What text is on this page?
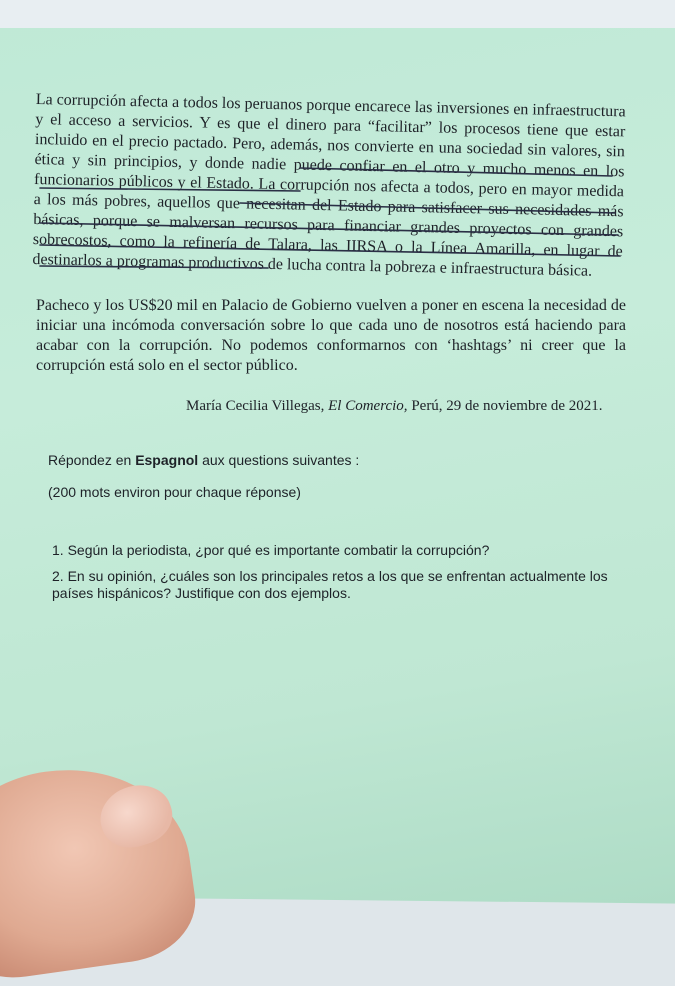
La corrupción afecta a todos los peruanos porque encarece las inversiones en infraestructura y el acceso a servicios. Y es que el dinero para “facilitar” los procesos tiene que estar incluido en el precio pactado. Pero, además, nos convierte en una sociedad sin valores, sin ética y sin principios, y donde nadie puede confiar en el otro y mucho menos en los funcionarios públicos y el Estado. La corrupción nos afecta a todos, pero en mayor medida a los más pobres, aquellos que necesitan del Estado para satisfacer sus necesidades más básicas, porque se malversan recursos para financiar grandes proyectos con grandes sobrecostos, como la refinería de Talara, las IIRSA o la Línea Amarilla, en lugar de destinarlos a programas productivos de lucha contra la pobreza e infraestructura básica.

Pacheco y los US$20 mil en Palacio de Gobierno vuelven a poner en escena la necesidad de iniciar una incómoda conversación sobre lo que cada uno de nosotros está haciendo para acabar con la corrupción. No podemos conformarnos con ‘hashtags’ ni creer que la corrupción está solo en el sector público.

María Cecilia Villegas, El Comercio, Perú, 29 de noviembre de 2021.

Répondez en Espagnol aux questions suivantes :

(200 mots environ pour chaque réponse)

1. Según la periodista, ¿por qué es importante combatir la corrupción?

2. En su opinión, ¿cuáles son los principales retos a los que se enfrentan actualmente los países hispánicos? Justifique con dos ejemplos.
